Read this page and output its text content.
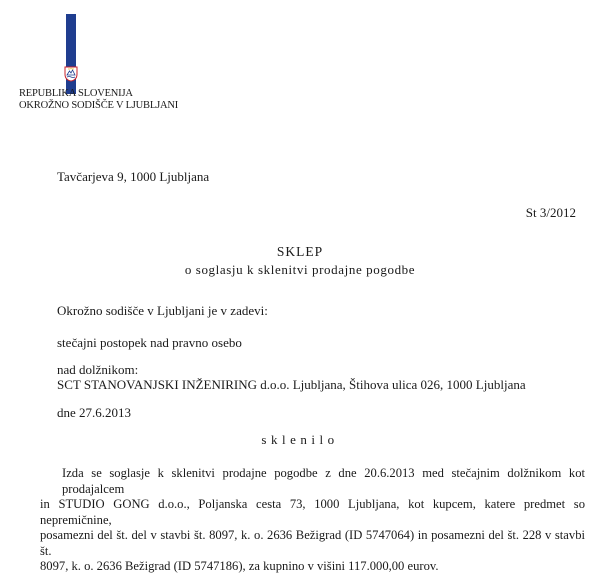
REPUBLIKA SLOVENIJA
OKROŽNO SODIŠČE V LJUBLJANI
Tavčarjeva 9, 1000 Ljubljana
St 3/2012
SKLEP
o soglasju k sklenitvi prodajne pogodbe
Okrožno sodišče v Ljubljani je v zadevi:
stečajni postopek nad pravno osebo
nad dolžnikom:
SCT STANOVANJSKI INŽENIRING d.o.o. Ljubljana, Štihova ulica 026, 1000 Ljubljana
dne 27.6.2013
sklenilo
Izda se soglasje k sklenitvi prodajne pogodbe z dne 20.6.2013 med stečajnim dolžnikom kot prodajalcem
in STUDIO GONG d.o.o., Poljanska cesta 73, 1000 Ljubljana, kot kupcem, katere predmet so nepremičnine,
posamezni del št. del v stavbi št. 8097, k. o. 2636 Bežigrad (ID 5747064) in posamezni del št. 228 v stavbi št.
8097, k. o. 2636 Bežigrad (ID 5747186), za kupnino v višini 117.000,00 eurov.
